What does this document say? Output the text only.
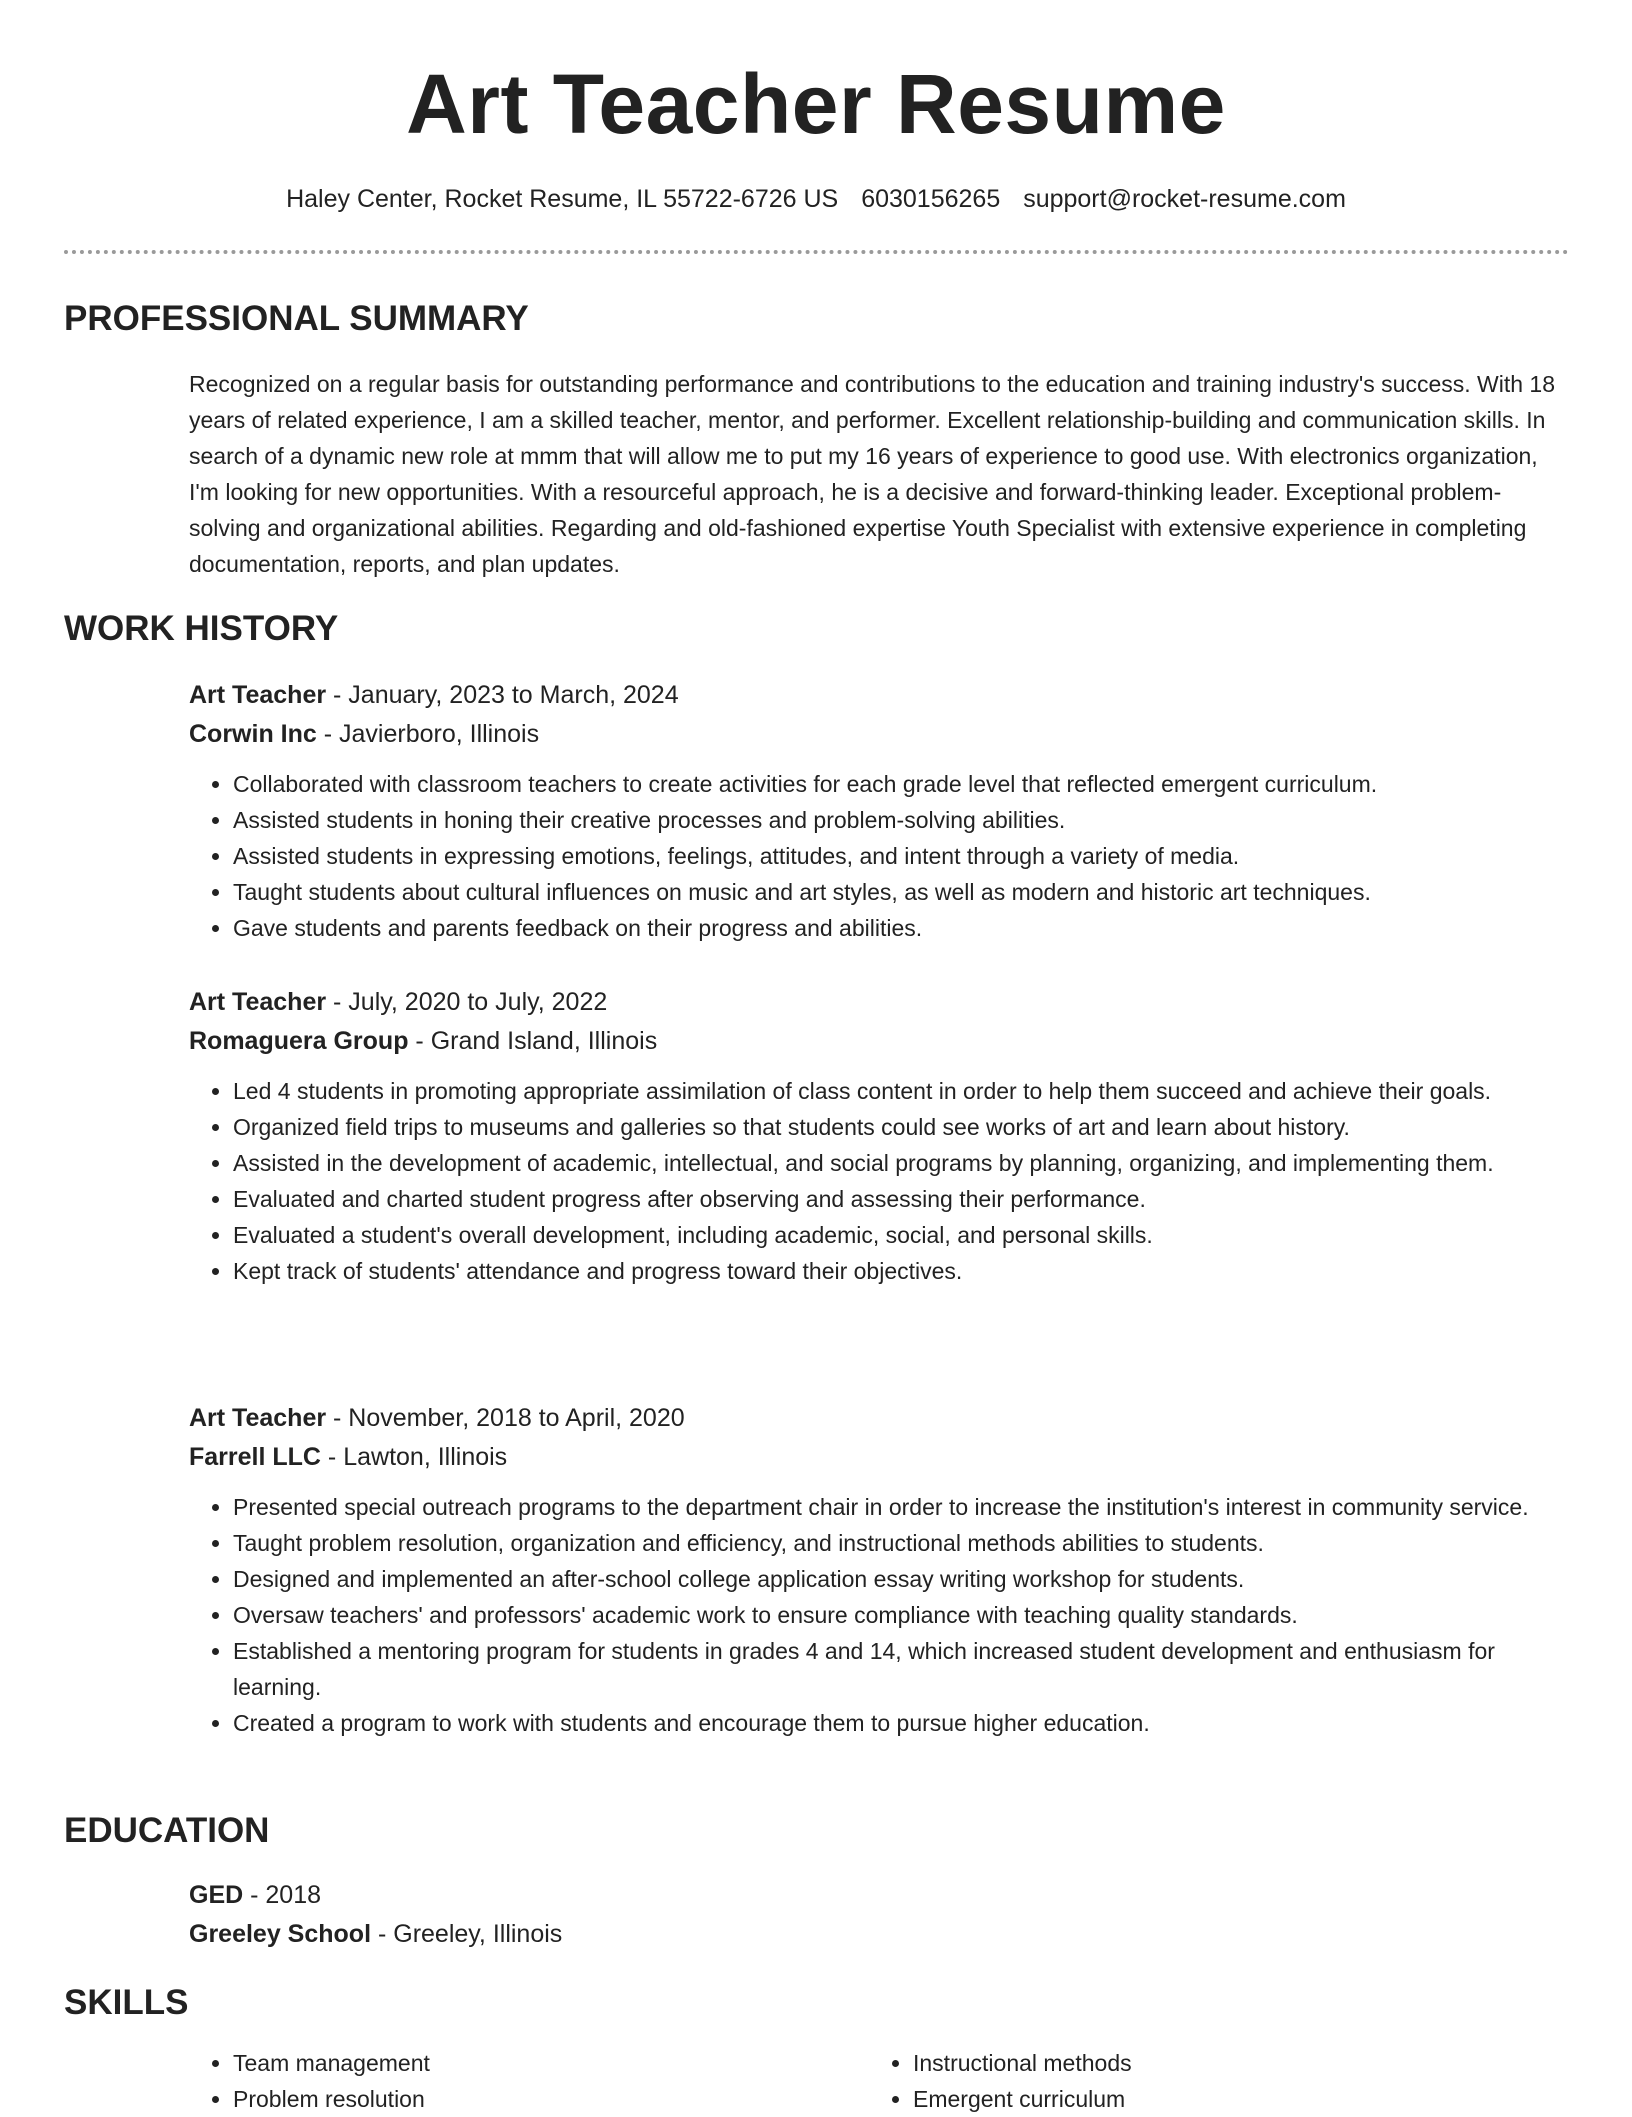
Art Teacher Resume
Haley Center, Rocket Resume, IL 55722-6726 US 6030156265 support@rocket-resume.com
PROFESSIONAL SUMMARY

Recognized on a regular basis for outstanding performance and contributions to the education and training industry's success. With 18 years of related experience, I am a skilled teacher, mentor, and performer. Excellent relationship-building and communication skills. In search of a dynamic new role at mmm that will allow me to put my 16 years of experience to good use. With electronics organization, I'm looking for new opportunities. With a resourceful approach, he is a decisive and forward-thinking leader. Exceptional problem-solving and organizational abilities. Regarding and old-fashioned expertise Youth Specialist with extensive experience in completing documentation, reports, and plan updates.

WORK HISTORY
Art Teacher - January, 2023 to March, 2024
Corwin Inc - Javierboro, Illinois
• Collaborated with classroom teachers to create activities for each grade level that reflected emergent curriculum.
• Assisted students in honing their creative processes and problem-solving abilities.
• Assisted students in expressing emotions, feelings, attitudes, and intent through a variety of media.
• Taught students about cultural influences on music and art styles, as well as modern and historic art techniques.
• Gave students and parents feedback on their progress and abilities.
Art Teacher - July, 2020 to July, 2022
Romaguera Group - Grand Island, Illinois
• Led 4 students in promoting appropriate assimilation of class content in order to help them succeed and achieve their goals.
• Organized field trips to museums and galleries so that students could see works of art and learn about history.
• Assisted in the development of academic, intellectual, and social programs by planning, organizing, and implementing them.
• Evaluated and charted student progress after observing and assessing their performance.
• Evaluated a student's overall development, including academic, social, and personal skills.
• Kept track of students' attendance and progress toward their objectives.
Art Teacher - November, 2018 to April, 2020
Farrell LLC - Lawton, Illinois
• Presented special outreach programs to the department chair in order to increase the institution's interest in community service.
• Taught problem resolution, organization and efficiency, and instructional methods abilities to students.
• Designed and implemented an after-school college application essay writing workshop for students.
• Oversaw teachers' and professors' academic work to ensure compliance with teaching quality standards.
• Established a mentoring program for students in grades 4 and 14, which increased student development and enthusiasm for learning.
• Created a program to work with students and encourage them to pursue higher education.
EDUCATION
GED - 2018
Greeley School - Greeley, Illinois
SKILLS
• Team management
• Problem resolution
• Instructional methods
• Emergent curriculum
